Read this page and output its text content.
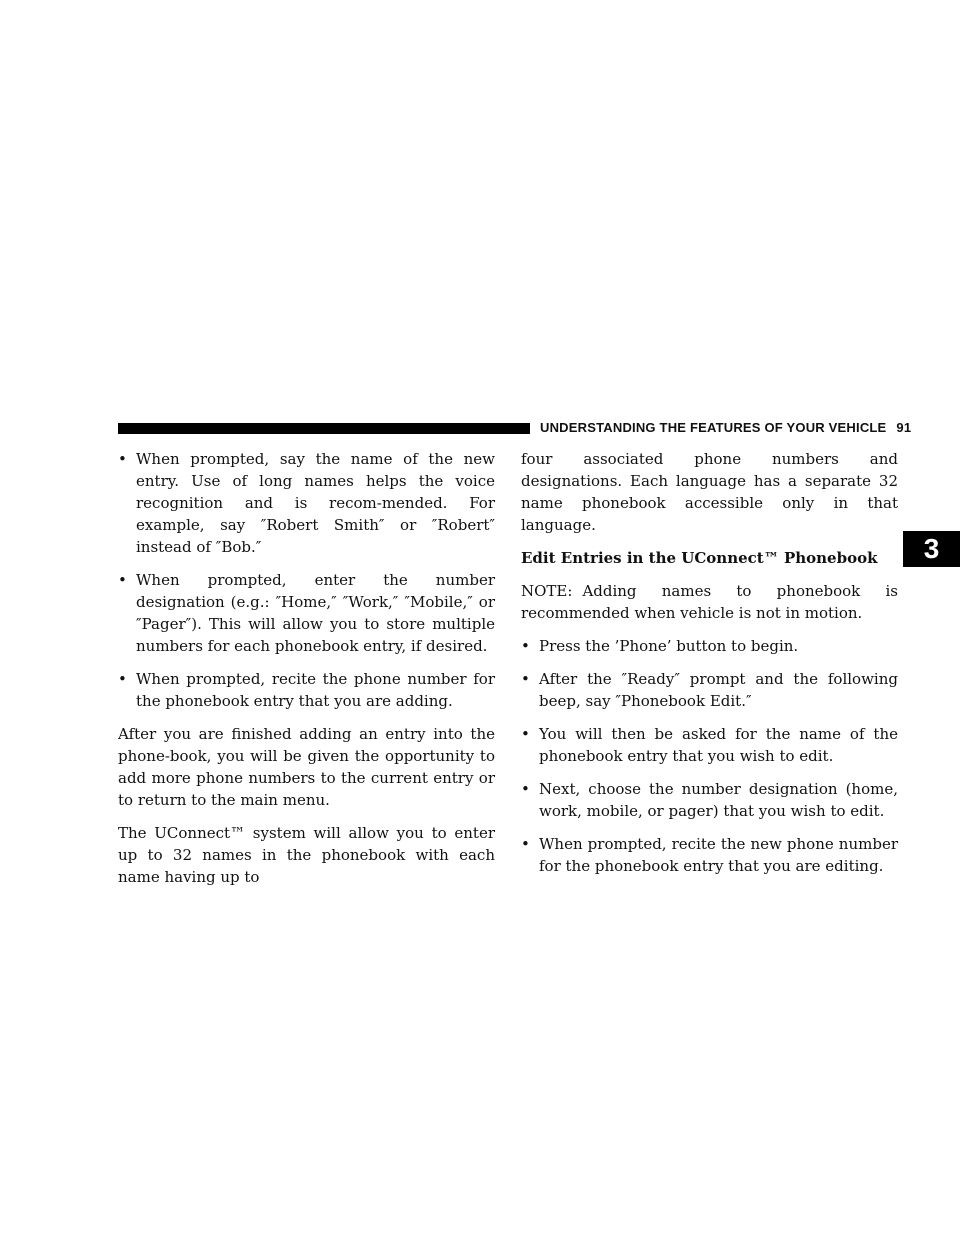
UNDERSTANDING THE FEATURES OF YOUR VEHICLE 91
3
• When prompted, say the name of the new entry. Use of long names helps the voice recognition and is recom-mended. For example, say ″Robert Smith″ or ″Robert″ instead of ″Bob.″
• When prompted, enter the number designation (e.g.: ″Home,″ ″Work,″ ″Mobile,″ or ″Pager″). This will allow you to store multiple numbers for each phonebook entry, if desired.
• When prompted, recite the phone number for the phonebook entry that you are adding.

After you are finished adding an entry into the phone-book, you will be given the opportunity to add more phone numbers to the current entry or to return to the main menu.

The UConnect™ system will allow you to enter up to 32 names in the phonebook with each name having up to

four associated phone numbers and designations. Each language has a separate 32 name phonebook accessible only in that language.

Edit Entries in the UConnect™ Phonebook

NOTE: Adding names to phonebook is recommended when vehicle is not in motion.

• Press the ’Phone’ button to begin.
• After the ″Ready″ prompt and the following beep, say ″Phonebook Edit.″
• You will then be asked for the name of the phonebook entry that you wish to edit.
• Next, choose the number designation (home, work, mobile, or pager) that you wish to edit.
• When prompted, recite the new phone number for the phonebook entry that you are editing.
